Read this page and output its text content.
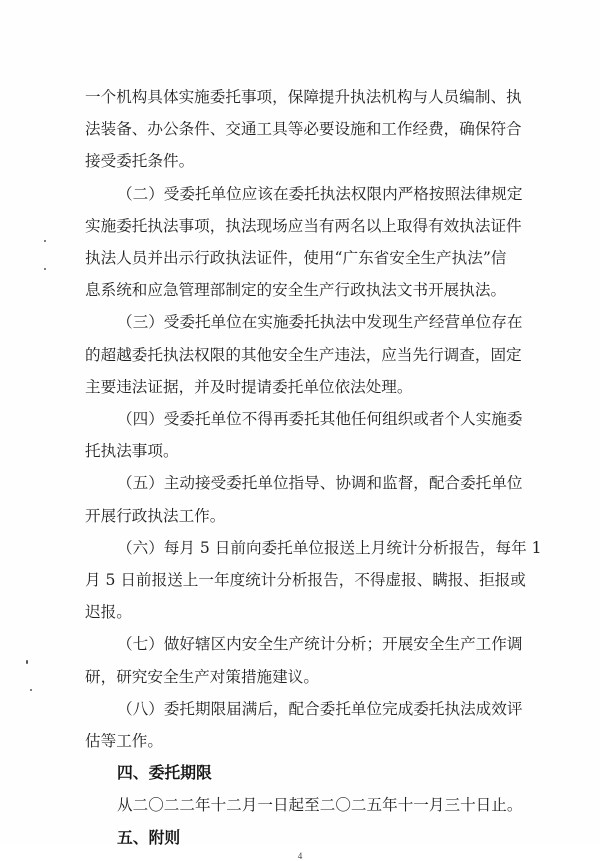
一个机构具体实施委托事项，保障提升执法机构与人员编制、执
法装备、办公条件、交通工具等必要设施和工作经费，确保符合
接受委托条件。
（二）受委托单位应该在委托执法权限内严格按照法律规定
实施委托执法事项，执法现场应当有两名以上取得有效执法证件
执法人员并出示行政执法证件，使用“广东省安全生产执法”信
息系统和应急管理部制定的安全生产行政执法文书开展执法。
（三）受委托单位在实施委托执法中发现生产经营单位存在
的超越委托执法权限的其他安全生产违法，应当先行调查，固定
主要违法证据，并及时提请委托单位依法处理。
（四）受委托单位不得再委托其他任何组织或者个人实施委
托执法事项。
（五）主动接受委托单位指导、协调和监督，配合委托单位
开展行政执法工作。
（六）每月 5 日前向委托单位报送上月统计分析报告，每年 1
月 5 日前报送上一年度统计分析报告，不得虚报、瞒报、拒报或
迟报。
（七）做好辖区内安全生产统计分析；开展安全生产工作调
研，研究安全生产对策措施建议。
（八）委托期限届满后，配合委托单位完成委托执法成效评
估等工作。
四、委托期限
从二〇二二年十二月一日起至二〇二五年十一月三十日止。
五、附则
4
